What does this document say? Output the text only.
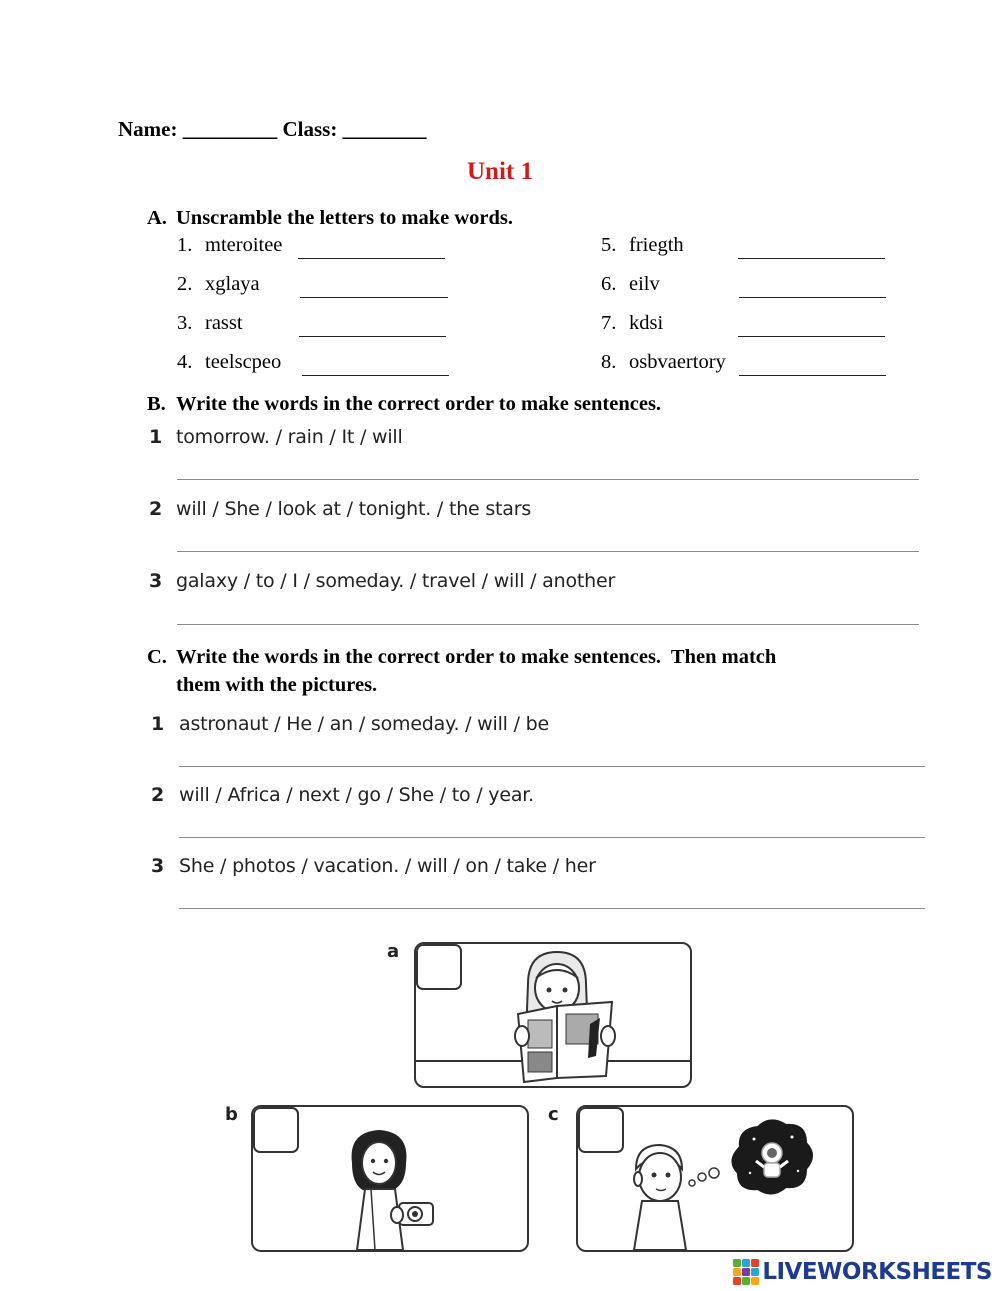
Name: _________ Class: ________
Unit 1
A. Unscramble the letters to make words.
1. mteroitee
2. xglaya
3. rasst
4. teelscpeo
5. friegth
6. eilv
7. kdsi
8. osbvaertory
B. Write the words in the correct order to make sentences.
1 tomorrow. / rain / It / will
2 will / She / look at / tonight. / the stars
3 galaxy / to / I / someday. / travel / will / another
C. Write the words in the correct order to make sentences.  Then match
them with the pictures.
1 astronaut / He / an / someday. / will / be
2 will / Africa / next / go / She / to / year.
3 She / photos / vacation. / will / on / take / her
a
b	c
LIVEWORKSHEETS
